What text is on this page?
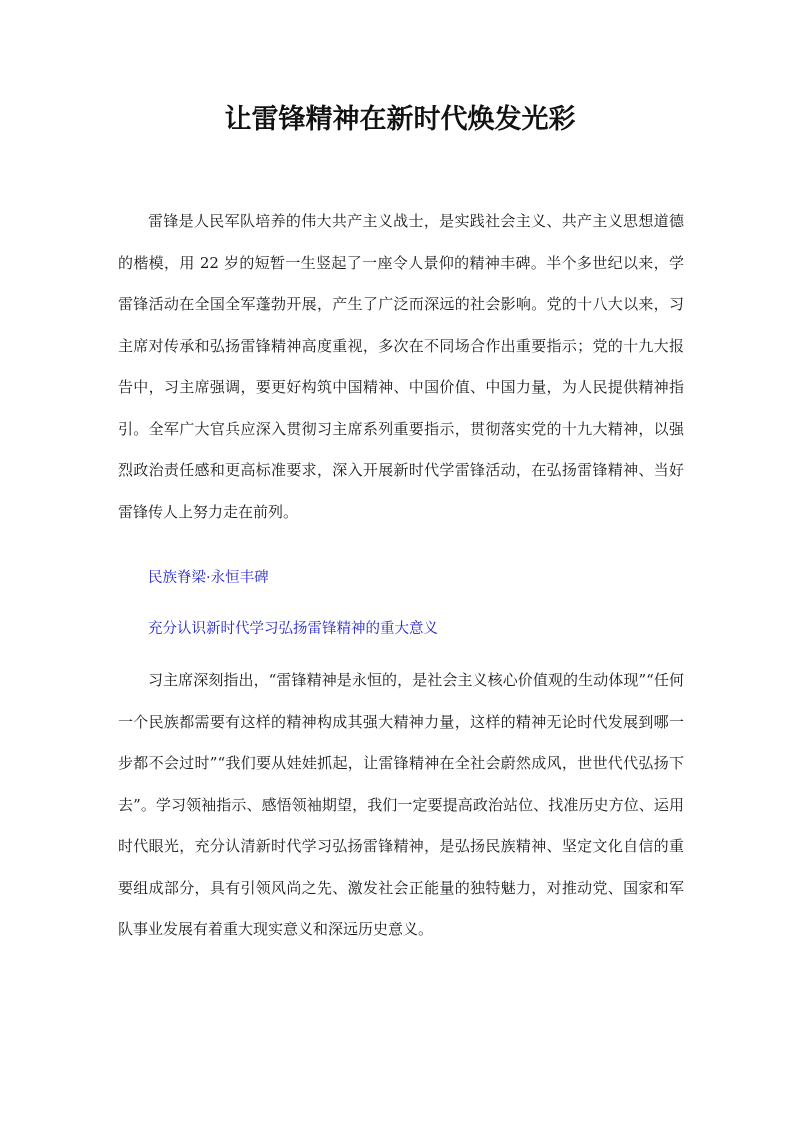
让雷锋精神在新时代焕发光彩

雷锋是人民军队培养的伟大共产主义战士，是实践社会主义、共产主义思想道德的楷模，用 22 岁的短暂一生竖起了一座令人景仰的精神丰碑。半个多世纪以来，学雷锋活动在全国全军蓬勃开展，产生了广泛而深远的社会影响。党的十八大以来，习主席对传承和弘扬雷锋精神高度重视，多次在不同场合作出重要指示；党的十九大报告中，习主席强调，要更好构筑中国精神、中国价值、中国力量，为人民提供精神指引。全军广大官兵应深入贯彻习主席系列重要指示，贯彻落实党的十九大精神，以强烈政治责任感和更高标准要求，深入开展新时代学雷锋活动，在弘扬雷锋精神、当好雷锋传人上努力走在前列。

民族脊梁·永恒丰碑

充分认识新时代学习弘扬雷锋精神的重大意义

习主席深刻指出，“雷锋精神是永恒的，是社会主义核心价值观的生动体现”“任何一个民族都需要有这样的精神构成其强大精神力量，这样的精神无论时代发展到哪一步都不会过时”“我们要从娃娃抓起，让雷锋精神在全社会蔚然成风，世世代代弘扬下去”。学习领袖指示、感悟领袖期望，我们一定要提高政治站位、找准历史方位、运用时代眼光，充分认清新时代学习弘扬雷锋精神，是弘扬民族精神、坚定文化自信的重要组成部分，具有引领风尚之先、激发社会正能量的独特魅力，对推动党、国家和军队事业发展有着重大现实意义和深远历史意义。
